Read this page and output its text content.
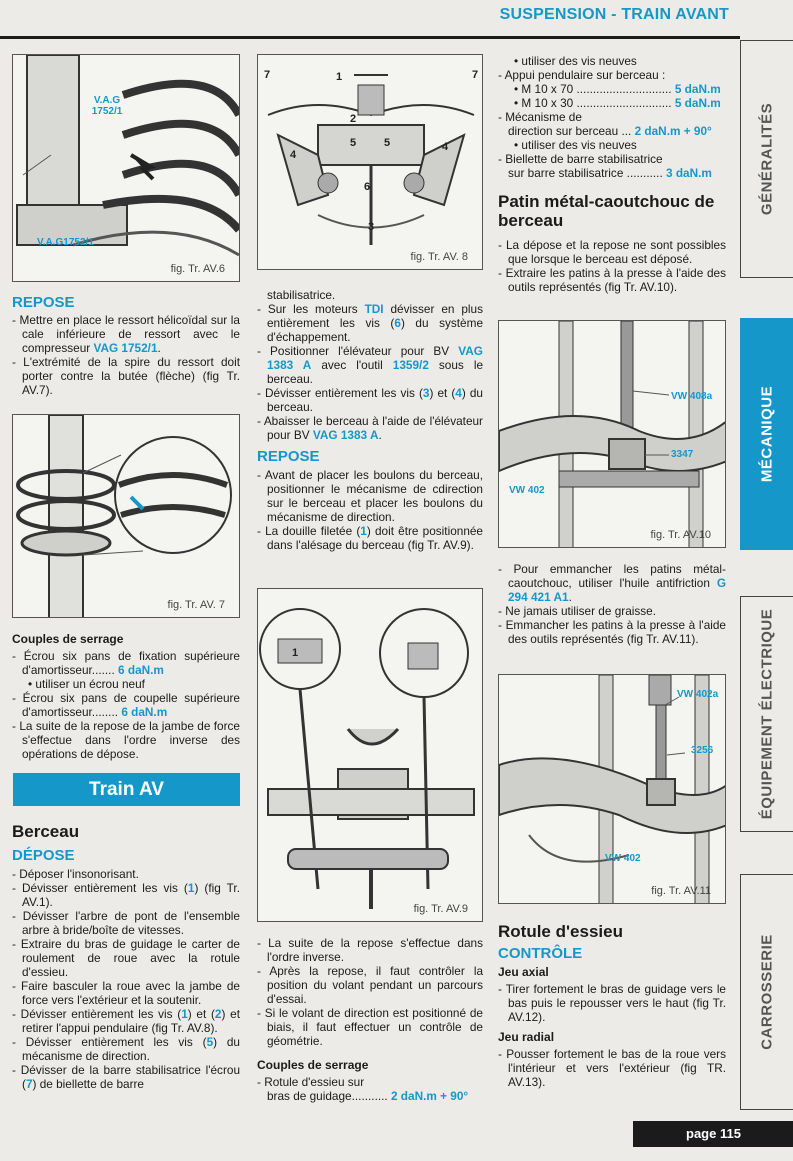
SUSPENSION - TRAIN AVANT
GÉNÉRALITÉS
MÉCANIQUE
ÉQUIPEMENT ÉLECTRIQUE
CARROSSERIE
V.A.G 1752/1
V.A.G1752/1
fig. Tr. AV.6
7	7
1
2
4
4
5	5
6
3
fig. Tr. AV. 8
REPOSE
- Mettre en place le ressort hélicoïdal sur la cale inférieure de ressort avec le compresseur VAG 1752/1.
- L'extrémité de la spire du ressort doit porter contre la butée (flèche) (fig Tr. AV.7).
fig. Tr. AV. 7
Couples de serrage
- Écrou six pans de fixation supérieure d'amortisseur....... 6 daN.m
• utiliser un écrou neuf
- Écrou six pans de coupelle supérieure d'amortisseur........ 6 daN.m
- La suite de la repose de la jambe de force s'effectue dans l'ordre inverse des opérations de dépose.
Train AV
Berceau
DÉPOSE
- Déposer l'insonorisant.
- Dévisser entièrement les vis (1) (fig Tr. AV.1).
- Dévisser l'arbre de pont de l'ensemble arbre à bride/boîte de vitesses.
- Extraire du bras de guidage le carter de roulement de roue avec la rotule d'essieu.
- Faire basculer la roue avec la jambe de force vers l'extérieur et la soutenir.
- Dévisser entièrement les vis (1) et (2) et retirer l'appui pendulaire (fig Tr. AV.8).
- Dévisser entièrement les vis (5) du mécanisme de direction.
- Dévisser de la barre stabilisatrice l'écrou (7) de biellette de barre
stabilisatrice.
- Sur les moteurs TDI dévisser en plus entièrement les vis (6) du système d'échappement.
- Positionner l'élévateur pour BV VAG 1383 A avec l'outil 1359/2 sous le berceau.
- Dévisser entièrement les vis (3) et (4) du berceau.
- Abaisser le berceau à l'aide de l'élévateur pour BV VAG 1383 A.
REPOSE
- Avant de placer les boulons du berceau, positionner le mécanisme de cdirection sur le berceau et placer les boulons du mécanisme de direction.
- La douille filetée (1) doit être positionnée dans l'alésage du berceau (fig Tr. AV.9).
1
fig. Tr. AV.9
- La suite de la repose s'effectue dans l'ordre inverse.
- Après la repose, il faut contrôler la position du volant pendant un parcours d'essai.
- Si le volant de direction est positionné de biais, il faut effectuer un contrôle de géométrie.
Couples de serrage
- Rotule d'essieu sur
bras de guidage........... 2 daN.m + 90°
• utiliser des vis neuves
- Appui pendulaire sur berceau :
• M 10 x 70 ............................. 5 daN.m
• M 10 x 30 ............................. 5 daN.m
- Mécanisme de
direction sur berceau ... 2 daN.m + 90°
• utiliser des vis neuves
- Biellette de barre stabilisatrice
sur barre stabilisatrice ........... 3 daN.m
Patin métal-caoutchouc de berceau
- La dépose et la repose ne sont possibles que lorsque le berceau est déposé.
- Extraire les patins à la presse à l'aide des outils représentés (fig Tr. AV.10).
VW 408a
3347
VW 402
fig. Tr. AV.10
- Pour emmancher les patins métal-caoutchouc, utiliser l'huile antifriction G 294 421 A1.
- Ne jamais utiliser de graisse.
- Emmancher les patins à la presse à l'aide des outils représentés (fig Tr. AV.11).
VW 402a
3256
VW 402
fig. Tr. AV.11
Rotule d'essieu
CONTRÔLE
Jeu axial
- Tirer fortement le bras de guidage vers le bas puis le repousser vers le haut (fig Tr. AV.12).
Jeu radial
- Pousser fortement le bas de la roue vers l'intérieur et vers l'extérieur (fig TR. AV.13).
page 115
